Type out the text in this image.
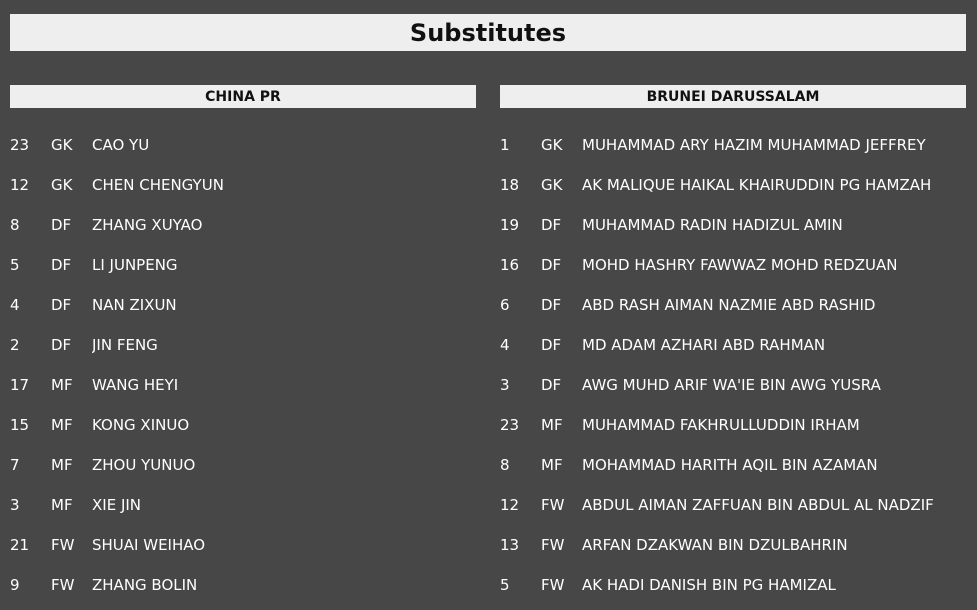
Substitutes
CHINA PR
23	GK	CAO YU
12	GK	CHEN CHENGYUN
8	DF	ZHANG XUYAO
5	DF	LI JUNPENG
4	DF	NAN ZIXUN
2	DF	JIN FENG
17	MF	WANG HEYI
15	MF	KONG XINUO
7	MF	ZHOU YUNUO
3	MF	XIE JIN
21	FW	SHUAI WEIHAO
9	FW	ZHANG BOLIN
BRUNEI DARUSSALAM
1	GK	MUHAMMAD ARY HAZIM MUHAMMAD JEFFREY
18	GK	AK MALIQUE HAIKAL KHAIRUDDIN PG HAMZAH
19	DF	MUHAMMAD RADIN HADIZUL AMIN
16	DF	MOHD HASHRY FAWWAZ MOHD REDZUAN
6	DF	ABD RASH AIMAN NAZMIE ABD RASHID
4	DF	MD ADAM AZHARI ABD RAHMAN
3	DF	AWG MUHD ARIF WA'IE BIN AWG YUSRA
23	MF	MUHAMMAD FAKHRULLUDDIN IRHAM
8	MF	MOHAMMAD HARITH AQIL BIN AZAMAN
12	FW	ABDUL AIMAN ZAFFUAN BIN ABDUL AL NADZIF
13	FW	ARFAN DZAKWAN BIN DZULBAHRIN
5	FW	AK HADI DANISH BIN PG HAMIZAL
